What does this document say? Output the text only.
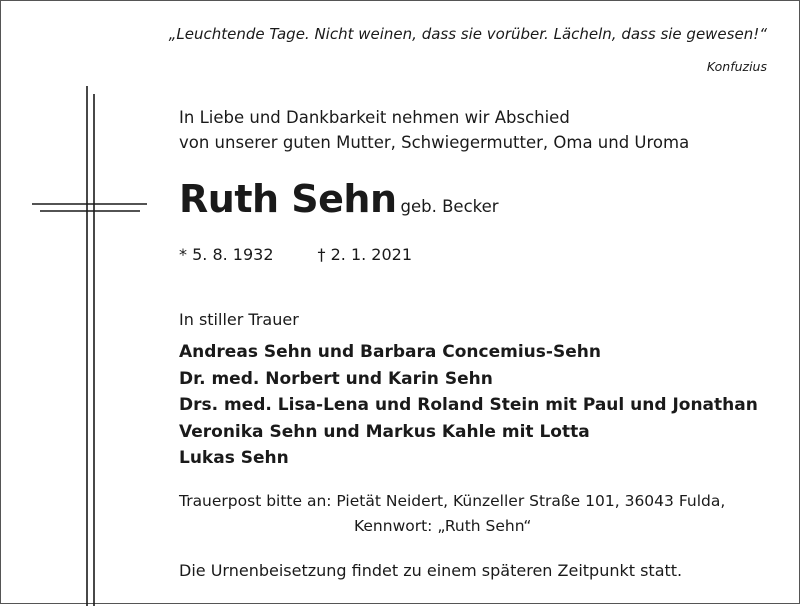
„Leuchtende Tage. Nicht weinen, dass sie vorüber. Lächeln, dass sie gewesen!“
Konfuzius
In Liebe und Dankbarkeit nehmen wir Abschied
von unserer guten Mutter, Schwiegermutter, Oma und Uroma
Ruth Sehn geb. Becker
* 5. 8. 1932	† 2. 1. 2021
In stiller Trauer
Andreas Sehn und Barbara Concemius-Sehn
Dr. med. Norbert und Karin Sehn
Drs. med. Lisa-Lena und Roland Stein mit Paul und Jonathan
Veronika Sehn und Markus Kahle mit Lotta
Lukas Sehn
Trauerpost bitte an: Pietät Neidert, Künzeller Straße 101, 36043 Fulda,
Kennwort: „Ruth Sehn“
Die Urnenbeisetzung findet zu einem späteren Zeitpunkt statt.
